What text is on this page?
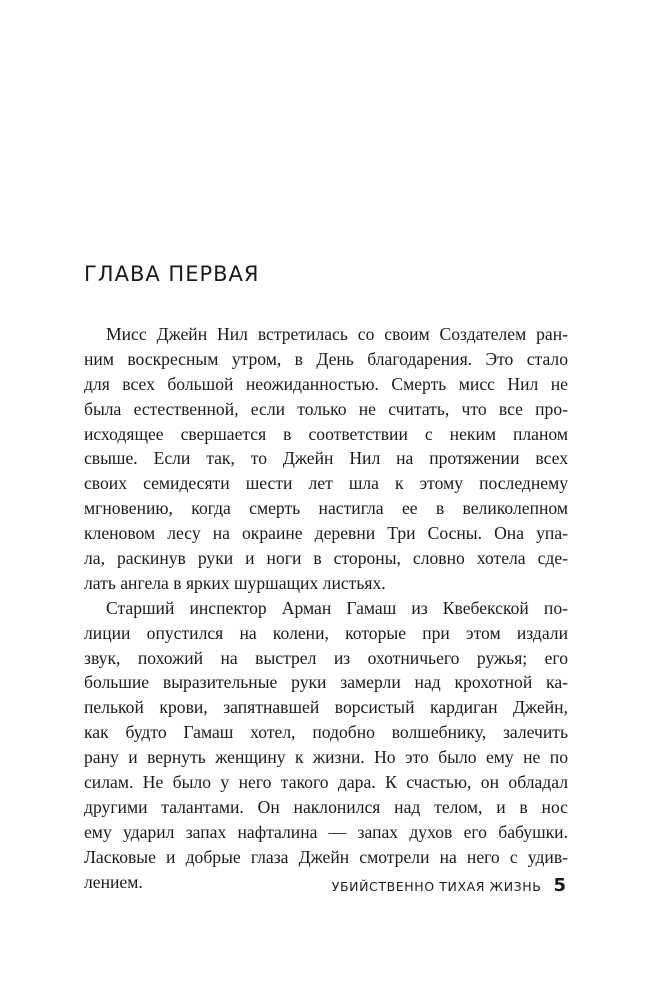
ГЛАВА ПЕРВАЯ
Мисс Джейн Нил встретилась со своим Создателем ран-
ним воскресным утром, в День благодарения. Это стало
для всех большой неожиданностью. Смерть мисс Нил не
была естественной, если только не считать, что все про-
исходящее свершается в соответствии с неким планом
свыше. Если так, то Джейн Нил на протяжении всех
своих семидесяти шести лет шла к этому последнему
мгновению, когда смерть настигла ее в великолепном
кленовом лесу на окраине деревни Три Сосны. Она упа-
ла, раскинув руки и ноги в стороны, словно хотела сде-
лать ангела в ярких шуршащих листьях.
Старший инспектор Арман Гамаш из Квебекской по-
лиции опустился на колени, которые при этом издали
звук, похожий на выстрел из охотничьего ружья; его
большие выразительные руки замерли над крохотной ка-
пелькой крови, запятнавшей ворсистый кардиган Джейн,
как будто Гамаш хотел, подобно волшебнику, залечить
рану и вернуть женщину к жизни. Но это было ему не по
силам. Не было у него такого дара. К счастью, он обладал
другими талантами. Он наклонился над телом, и в нос
ему ударил запах нафталина — запах духов его бабушки.
Ласковые и добрые глаза Джейн смотрели на него с удив-
лением.	УБИЙСТВЕННО ТИХАЯ ЖИЗНЬ 5
